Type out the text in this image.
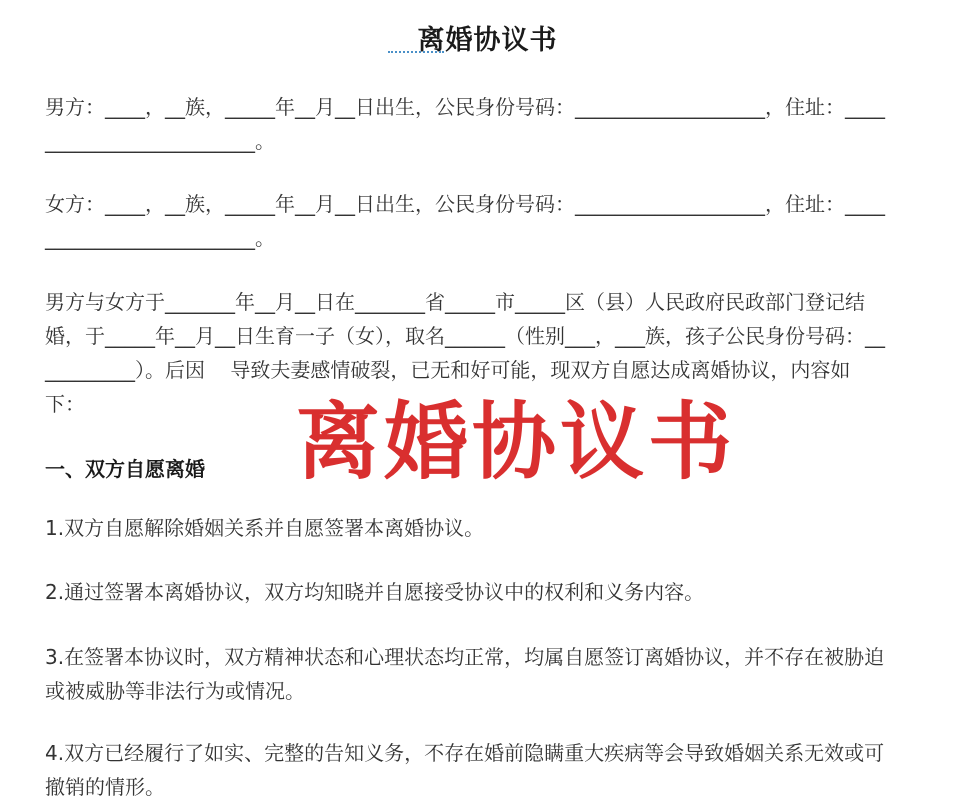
离婚协议书

男方：____，__族，_____年__月__日出生，公民身份号码：___________________，住址：_________________________。

女方：____，__族，_____年__月__日出生，公民身份号码：___________________，住址：_________________________。

男方与女方于_______年__月__日在_______省_____市_____区（县）人民政府民政部门登记结婚，于_____年__月__日生育一子（女），取名______（性别___，___族，孩子公民身份号码：___________）。后因    导致夫妻感情破裂，已无和好可能，现双方自愿达成离婚协议，内容如下：

一、双方自愿离婚

1.双方自愿解除婚姻关系并自愿签署本离婚协议。

2.通过签署本离婚协议，双方均知晓并自愿接受协议中的权利和义务内容。

3.在签署本协议时，双方精神状态和心理状态均正常，均属自愿签订离婚协议，并不存在被胁迫或被威胁等非法行为或情况。

4.双方已经履行了如实、完整的告知义务，不存在婚前隐瞒重大疾病等会导致婚姻关系无效或可撤销的情形。

离婚协议书
